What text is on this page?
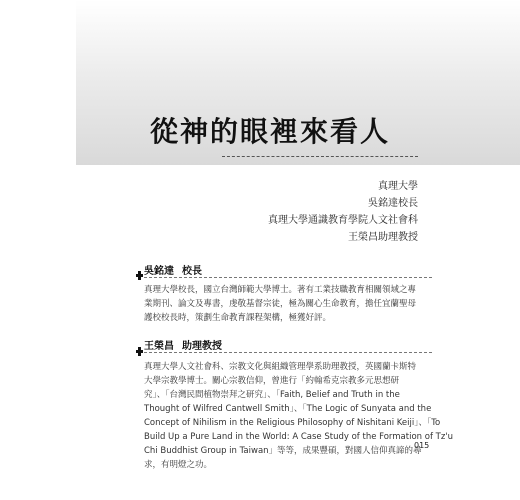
從神的眼裡來看人
真理大學
吳銘達校長
真理大學通識教育學院人文社會科
王榮昌助理教授
吳銘達 校長
真理大學校長，國立台灣師範大學博士。著有工業技職教育相關領域之專
業期刊、論文及專書，虔敬基督宗徒，極為關心生命教育，擔任宜蘭聖母
護校校長時，策劃生命教育課程架構，極獲好評。
王榮昌 助理教授
真理大學人文社會科、宗教文化與組織管理學系助理教授，英國蘭卡斯特
大學宗教學博士。關心宗教信仰，曾進行「約翰希克宗教多元思想研
究」、「台灣民間植物崇拜之研究」、「Faith, Belief and Truth in the
Thought of Wilfred Cantwell Smith」、「The Logic of Sunyata and the
Concept of Nihilism in the Religious Philosophy of Nishitani Keiji」、「To
Build Up a Pure Land in the World: A Case Study of the Formation of Tz'u
Chi Buddhist Group in Taiwan」等等，成果豐碩，對國人信仰真諦的尋
求，有明燈之功。
015
